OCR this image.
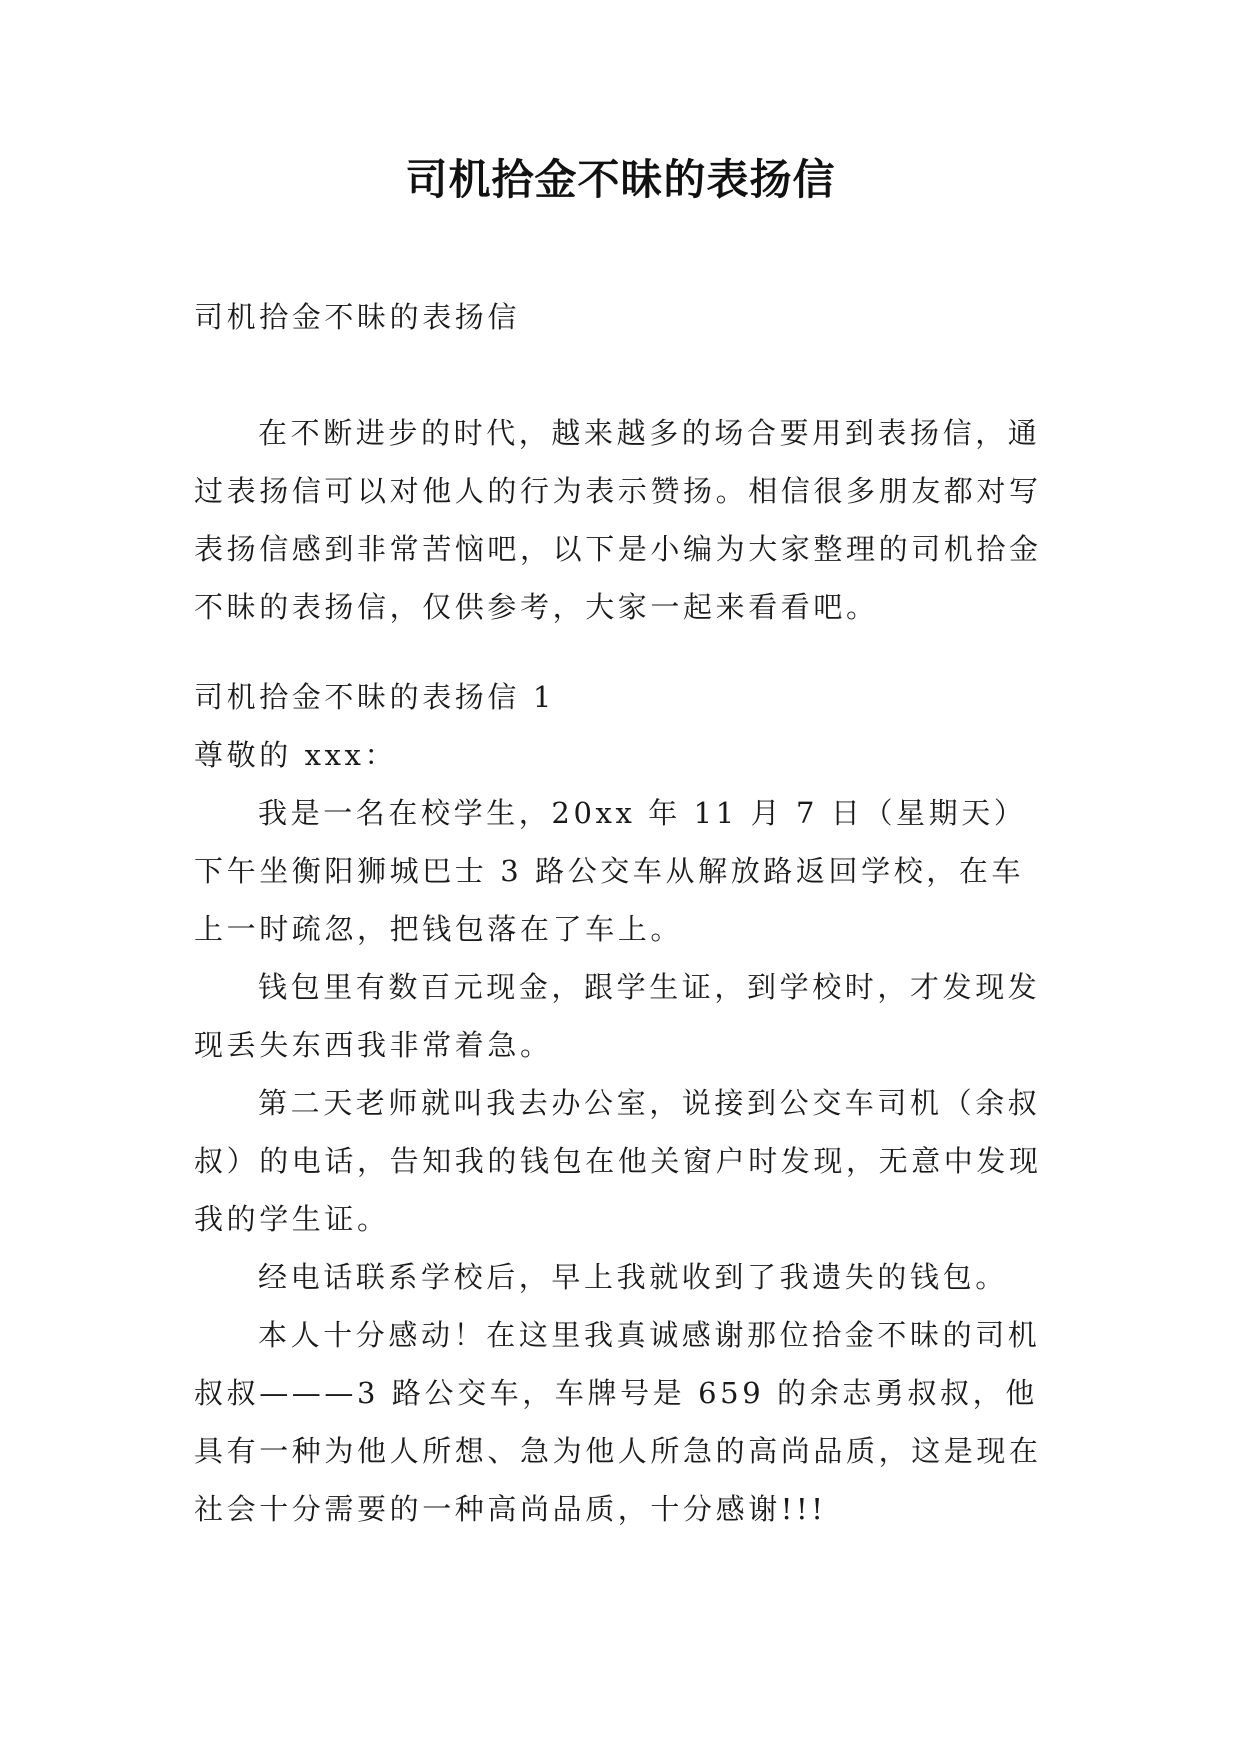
司机拾金不昧的表扬信

司机拾金不昧的表扬信

在不断进步的时代，越来越多的场合要用到表扬信，通过表扬信可以对他人的行为表示赞扬。相信很多朋友都对写表扬信感到非常苦恼吧，以下是小编为大家整理的司机拾金不昧的表扬信，仅供参考，大家一起来看看吧。

司机拾金不昧的表扬信 1

尊敬的 xxx：

我是一名在校学生，20xx 年 11 月 7 日（星期天）下午坐衡阳狮城巴士 3 路公交车从解放路返回学校，在车上一时疏忽，把钱包落在了车上。

钱包里有数百元现金，跟学生证，到学校时，才发现发现丢失东西我非常着急。

第二天老师就叫我去办公室，说接到公交车司机（余叔叔）的电话，告知我的钱包在他关窗户时发现，无意中发现我的学生证。

经电话联系学校后，早上我就收到了我遗失的钱包。

本人十分感动！在这里我真诚感谢那位拾金不昧的司机叔叔———3 路公交车，车牌号是 659 的余志勇叔叔，他具有一种为他人所想、急为他人所急的高尚品质，这是现在社会十分需要的一种高尚品质，十分感谢!!!
